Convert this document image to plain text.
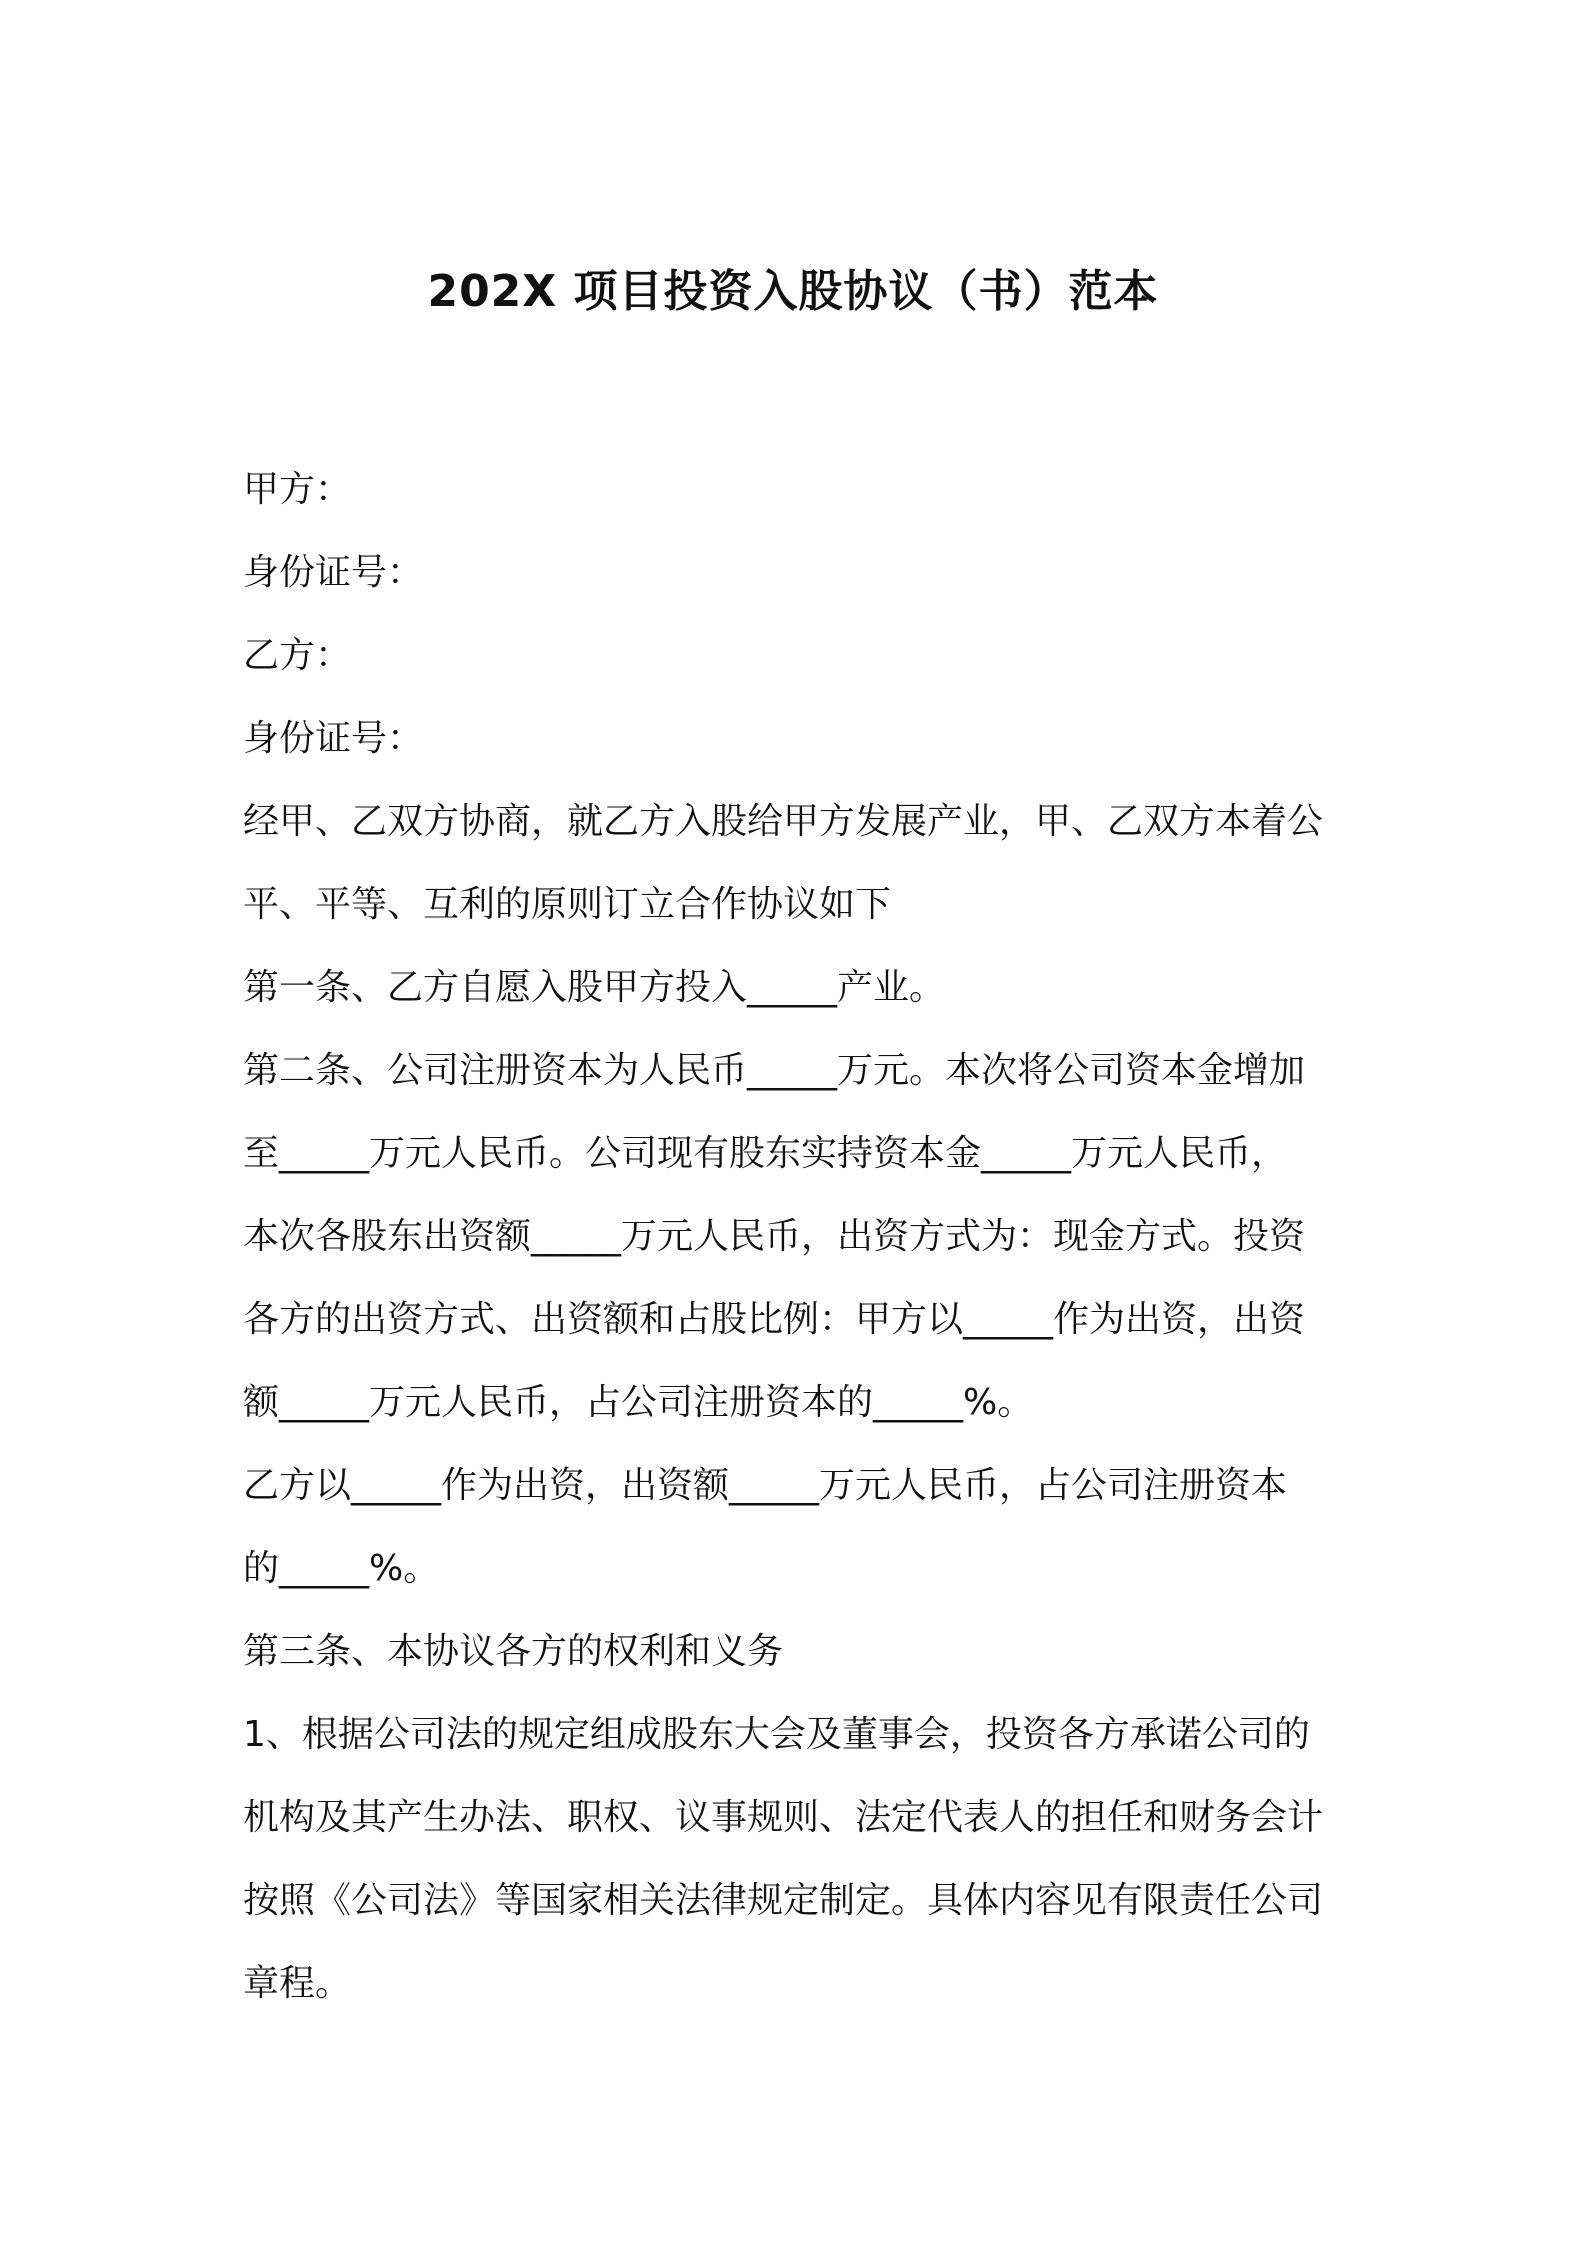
202X 项目投资入股协议（书）范本

甲方：

身份证号：

乙方：

身份证号：

经甲、乙双方协商，就乙方入股给甲方发展产业，甲、乙双方本着公

平、平等、互利的原则订立合作协议如下

第一条、乙方自愿入股甲方投入_____产业。

第二条、公司注册资本为人民币_____万元。本次将公司资本金增加

至_____万元人民币。公司现有股东实持资本金_____万元人民币，

本次各股东出资额_____万元人民币，出资方式为：现金方式。投资

各方的出资方式、出资额和占股比例：甲方以_____作为出资，出资

额_____万元人民币，占公司注册资本的_____%。

乙方以_____作为出资，出资额_____万元人民币，占公司注册资本

的_____%。

第三条、本协议各方的权利和义务

1、根据公司法的规定组成股东大会及董事会，投资各方承诺公司的

机构及其产生办法、职权、议事规则、法定代表人的担任和财务会计

按照《公司法》等国家相关法律规定制定。具体内容见有限责任公司

章程。
